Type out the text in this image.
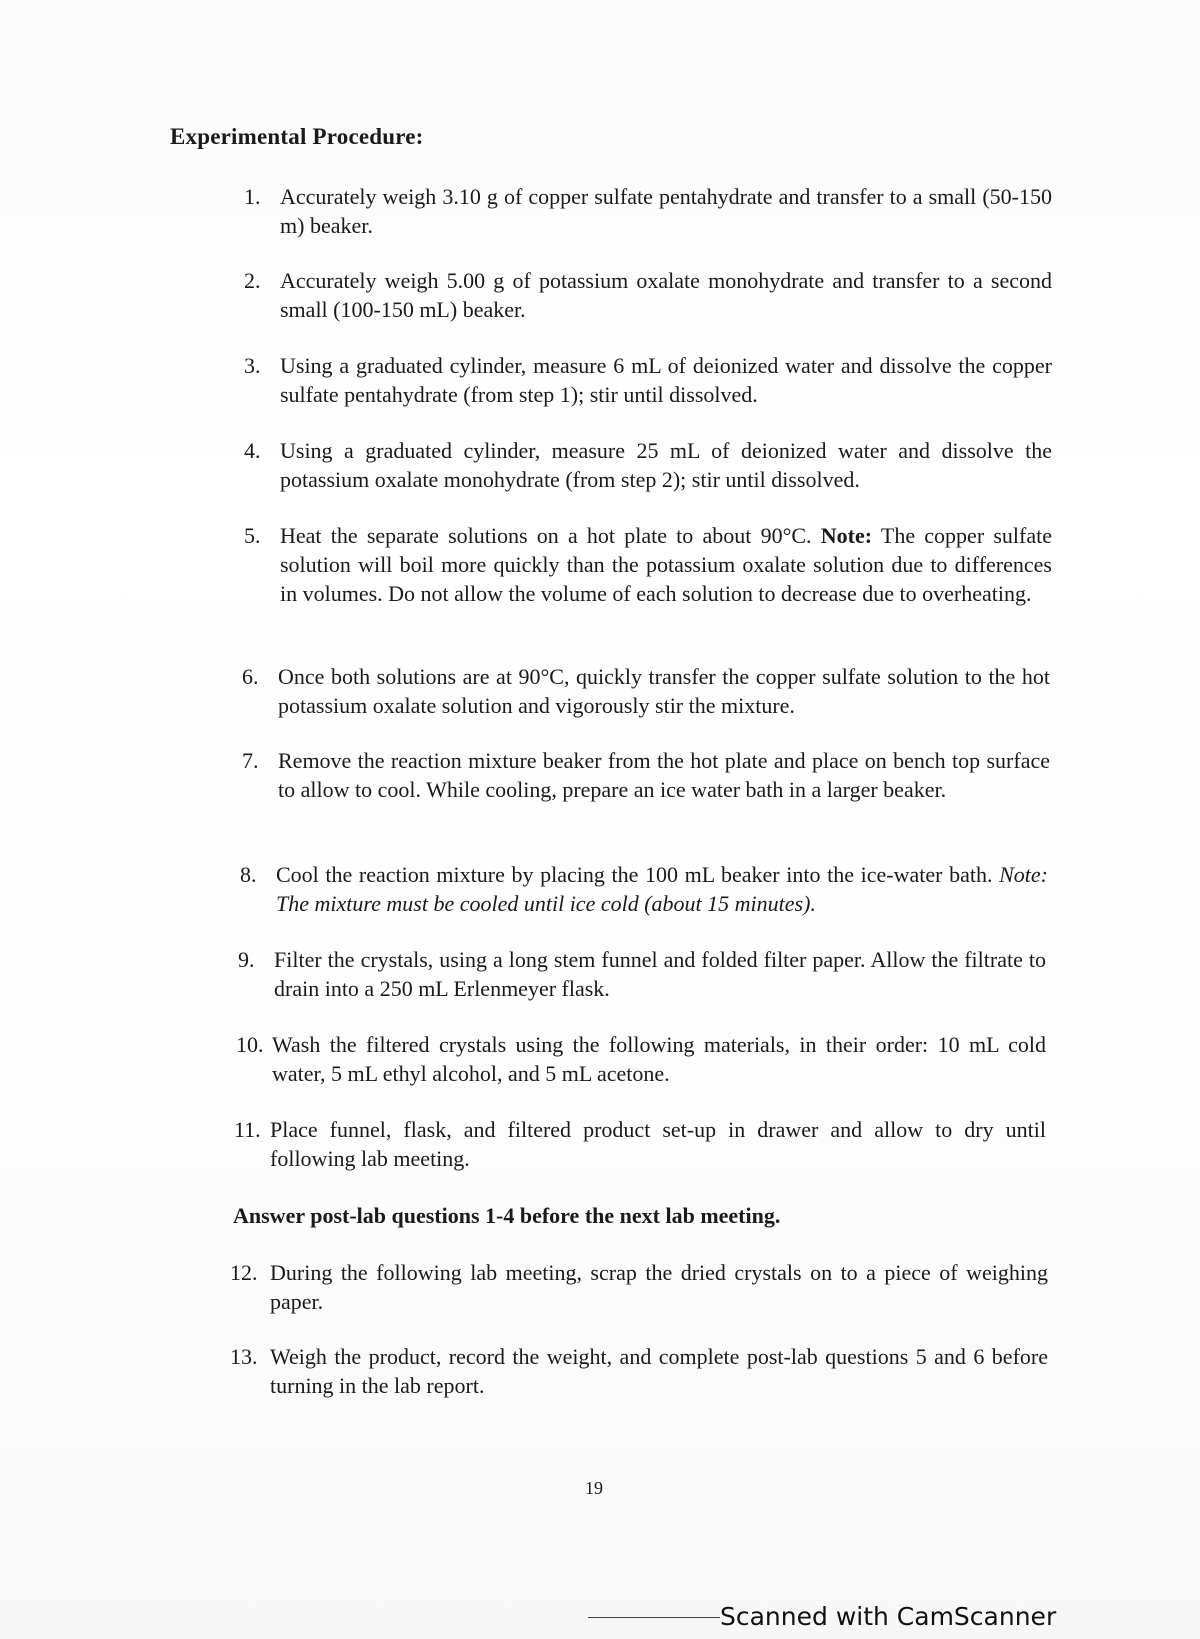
Experimental Procedure:
1. Accurately weigh 3.10 g of copper sulfate pentahydrate and transfer to a small (50-150 m) beaker.
2. Accurately weigh 5.00 g of potassium oxalate monohydrate and transfer to a second small (100-150 mL) beaker.
3. Using a graduated cylinder, measure 6 mL of deionized water and dissolve the copper sulfate pentahydrate (from step 1); stir until dissolved.
4. Using a graduated cylinder, measure 25 mL of deionized water and dissolve the potassium oxalate monohydrate (from step 2); stir until dissolved.
5. Heat the separate solutions on a hot plate to about 90°C. Note: The copper sulfate solution will boil more quickly than the potassium oxalate solution due to differences in volumes. Do not allow the volume of each solution to decrease due to overheating.
6. Once both solutions are at 90°C, quickly transfer the copper sulfate solution to the hot potassium oxalate solution and vigorously stir the mixture.
7. Remove the reaction mixture beaker from the hot plate and place on bench top surface to allow to cool. While cooling, prepare an ice water bath in a larger beaker.
8. Cool the reaction mixture by placing the 100 mL beaker into the ice-water bath. Note: The mixture must be cooled until ice cold (about 15 minutes).
9. Filter the crystals, using a long stem funnel and folded filter paper. Allow the filtrate to drain into a 250 mL Erlenmeyer flask.
10. Wash the filtered crystals using the following materials, in their order: 10 mL cold water, 5 mL ethyl alcohol, and 5 mL acetone.
11. Place funnel, flask, and filtered product set-up in drawer and allow to dry until following lab meeting.
12. During the following lab meeting, scrap the dried crystals on to a piece of weighing paper.
13. Weigh the product, record the weight, and complete post-lab questions 5 and 6 before turning in the lab report.
Answer post-lab questions 1-4 before the next lab meeting.
19
Scanned with CamScanner
